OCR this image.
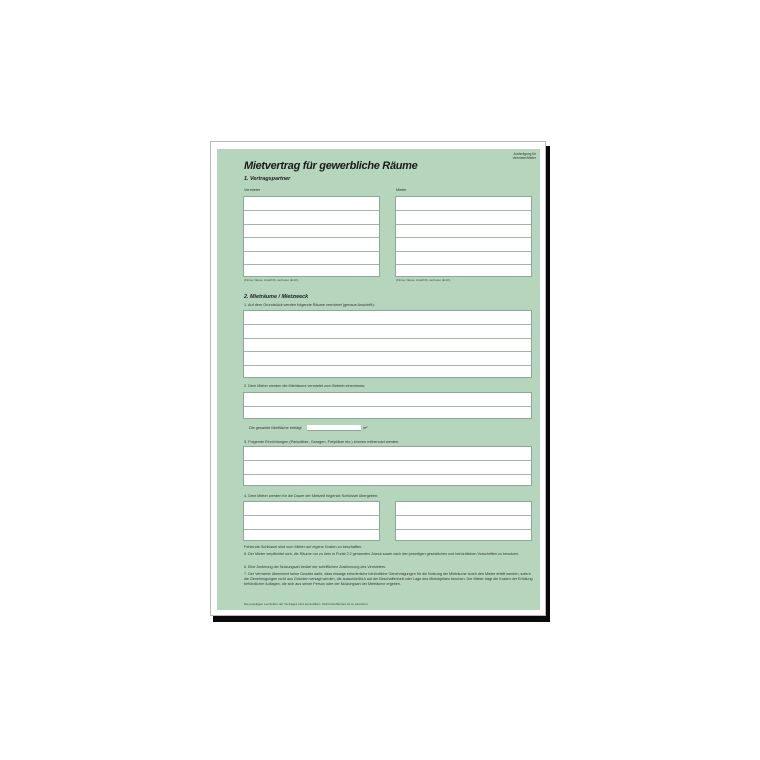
Mietvertrag für gewerbliche Räume
Ausfertigung für
Vermieter/Mieter
1. Vertragspartner
Vermieter	Mieter
(Firma, Name, Anschrift, vertreten durch)	(Firma, Name, Anschrift, vertreten durch)
2. Mieträume / Mietzweck
1. Auf dem Grundstück werden folgende Räume vermietet (genaue Anschrift):
2. Dem Mieter werden die Mieträume vermietet zum Betrieb einer/eines:
Die gesamte Mietfläche beträgt	m²
3. Folgende Einrichtungen (Parkplätze, Garagen, Freiplätze etc.) können mitbenutzt werden:
4. Dem Mieter werden für die Dauer der Mietzeit folgende Schlüssel übergeben:
Fehlende Schlüssel sind vom Mieter auf eigene Kosten zu beschaffen.
5. Der Mieter verpflichtet sich, die Räume nur zu dem in Punkt 2.2 genannten Zweck sowie nach den jeweiligen gesetzlichen und behördlichen Vorschriften zu benutzen.
6. Eine Änderung der Nutzungsart bedarf der schriftlichen Zustimmung des Vermieters.
7. Der Vermieter übernimmt keine Gewähr dafür, dass etwaige erforderliche behördliche Genehmigungen für die Nutzung der Mieträume durch den Mieter erteilt werden, sofern die Genehmigungen nicht aus Gründen versagt werden, die ausschließlich auf der Beschaffenheit oder Lage des Mietobjektes beruhen. Der Mieter trägt die Kosten der Erfüllung behördlicher Auflagen, die sich aus seiner Person oder der Nutzungsart der Mieträume ergeben.
Die jeweiligen Leerfelder der Vertrages sind auszufüllen. Nichtzutreffendes ist zu streichen.
